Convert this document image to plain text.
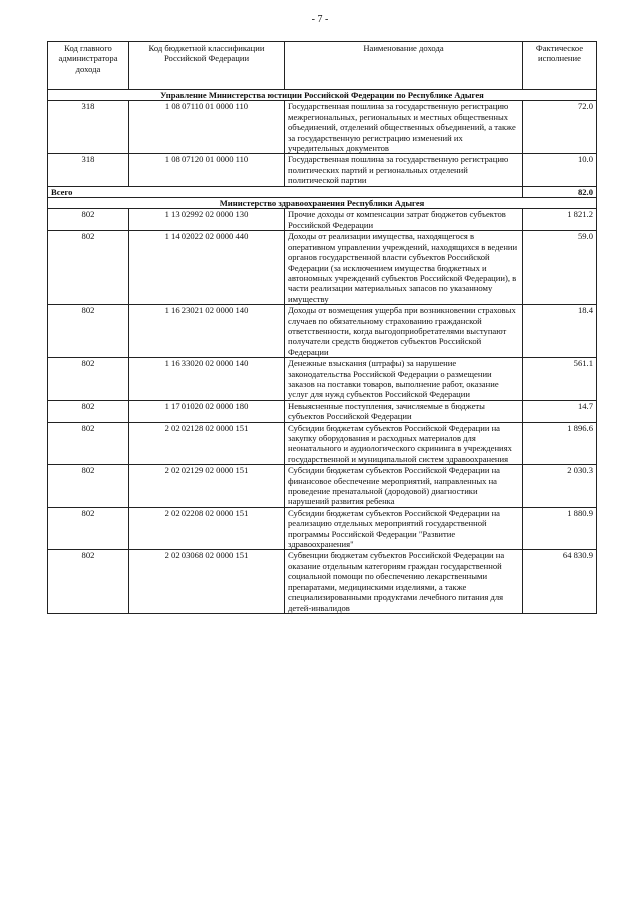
- 7 -
Код главного администратора дохода	Код бюджетной классификации Российской Федерации	Наименование дохода	Фактическое исполнение
Управление Министерства юстиции Российской Федерации по Республике Адыгея			
318	1 08 07110 01 0000 110	Государственная пошлина за государственную регистрацию межрегиональных, региональных и местных общественных объединений, отделений общественных объединений, а также за государственную регистрацию изменений их учредительных документов	72.0
318	1 08 07120 01 0000 110	Государственная пошлина за государственную регистрацию политических партий и региональных отделений политической партии	10.0
Всего			82.0
Министерство здравоохранения Республики Адыгея			
802	1 13 02992 02 0000 130	Прочие доходы от компенсации затрат бюджетов субъектов Российской Федерации	1 821.2
802	1 14 02022 02 0000 440	Доходы от реализации имущества, находящегося в оперативном управлении учреждений, находящихся в ведении органов государственной власти субъектов Российской Федерации (за исключением имущества бюджетных и автономных учреждений субъектов Российской Федерации), в части реализации материальных запасов по указанному имуществу	59.0
802	1 16 23021 02 0000 140	Доходы от возмещения ущерба при возникновении страховых случаев по обязательному страхованию гражданской ответственности, когда выгодоприобретателями выступают получатели средств бюджетов субъектов Российской Федерации	18.4
802	1 16 33020 02 0000 140	Денежные взыскания (штрафы) за нарушение законодательства Российской Федерации о размещении заказов на поставки товаров, выполнение работ, оказание услуг для нужд субъектов Российской Федерации	561.1
802	1 17 01020 02 0000 180	Невыясненные поступления, зачисляемые в бюджеты субъектов Российской Федерации	14.7
802	2 02 02128 02 0000 151	Субсидии бюджетам субъектов Российской Федерации на закупку оборудования и расходных материалов для неонатального и аудиологического скрининга в учреждениях государственной и муниципальной систем здравоохранения	1 896.6
802	2 02 02129 02 0000 151	Субсидии бюджетам субъектов Российской Федерации на финансовое обеспечение мероприятий, направленных на проведение пренатальной (дородовой) диагностики нарушений развития ребенка	2 030.3
802	2 02 02208 02 0000 151	Субсидии бюджетам субъектов Российской Федерации на реализацию отдельных мероприятий государственной программы Российской Федерации "Развитие здравоохранения"	1 880.9
802	2 02 03068 02 0000 151	Субвенции бюджетам субъектов Российской Федерации на оказание отдельным категориям граждан государственной социальной помощи по обеспечению лекарственными препаратами, медицинскими изделиями, а также специализированными продуктами лечебного питания для детей-инвалидов	64 830.9
